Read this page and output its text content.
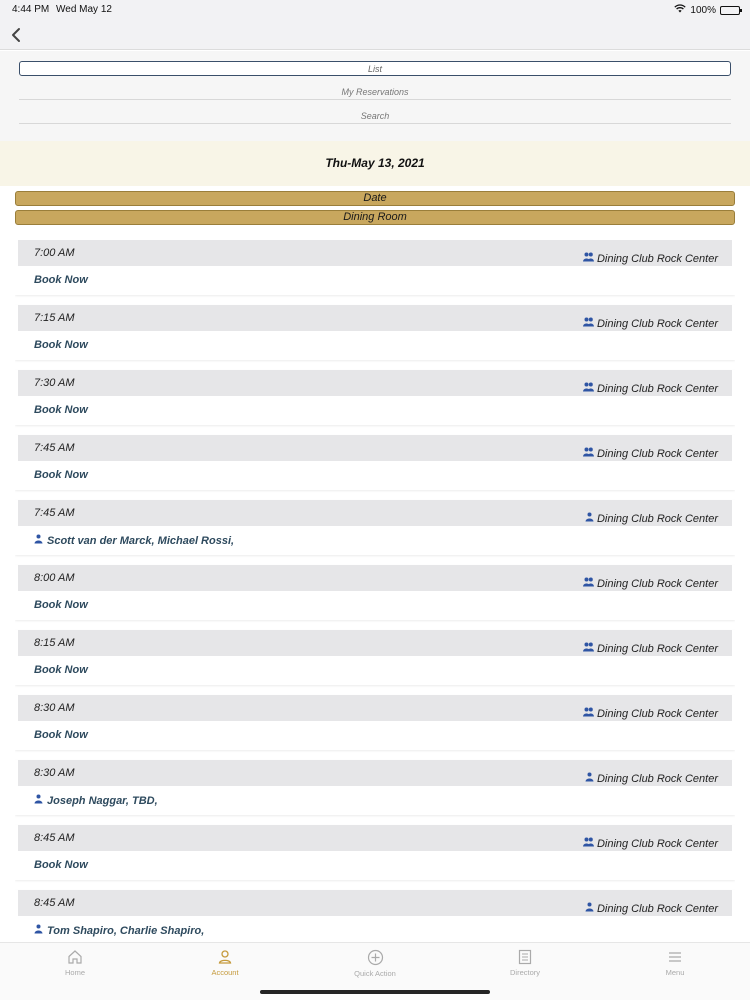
4:44 PM Wed May 12	100%
List
My Reservations
Search
Thu-May 13, 2021
Date
Dining Room
7:00 AM	Dining Club Rock Center
Book Now
7:15 AM	Dining Club Rock Center
Book Now
7:30 AM	Dining Club Rock Center
Book Now
7:45 AM	Dining Club Rock Center
Book Now
7:45 AM	Dining Club Rock Center
Scott van der Marck, Michael Rossi,
8:00 AM	Dining Club Rock Center
Book Now
8:15 AM	Dining Club Rock Center
Book Now
8:30 AM	Dining Club Rock Center
Book Now
8:30 AM	Dining Club Rock Center
Joseph Naggar, TBD,
8:45 AM	Dining Club Rock Center
Book Now
8:45 AM	Dining Club Rock Center
Tom Shapiro, Charlie Shapiro,
Home	Account	Quick Action	Directory	Menu
